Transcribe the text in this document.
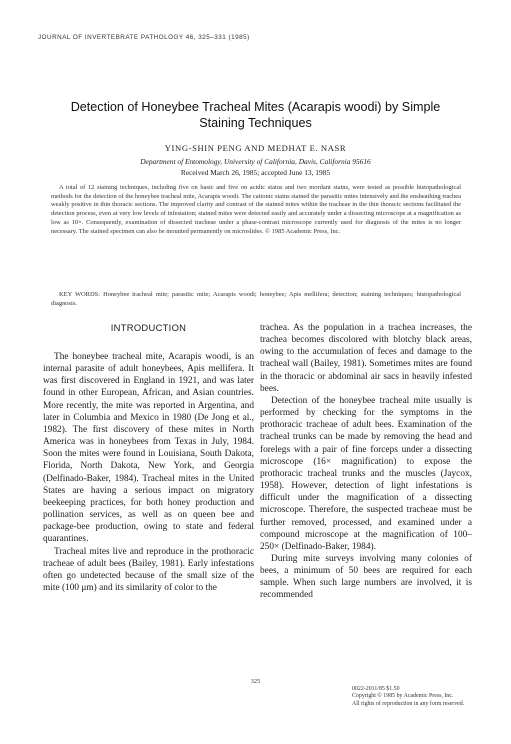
JOURNAL OF INVERTEBRATE PATHOLOGY 46, 325–331 (1985)
Detection of Honeybee Tracheal Mites (Acarapis woodi) by Simple
Staining Techniques
YING-SHIN PENG AND MEDHAT E. NASR
Department of Entomology, University of California, Davis, California 95616
Received March 26, 1985; accepted June 13, 1985

A total of 12 staining techniques, including five on basic and five on acidic stains and two mordant stains, were tested as possible histopathological methods for the detection of the honeybee tracheal mite, Acarapis woodi. The cationic stains stained the parasitic mites intensively and the ensheathing trachea weakly positive in thin thoracic sections. The improved clarity and contrast of the stained mites within the tracheae in the thin thoracic sections facilitated the detection process, even at very low levels of infestation; stained mites were detected easily and accurately under a dissecting microscope at a magnification as low as 10×. Consequently, examination of dissected tracheae under a phase-contrast microscope currently used for diagnosis of the mites is no longer necessary. The stained specimen can also be mounted permanently on microslides. © 1985 Academic Press, Inc.

KEY WORDS: Honeybee tracheal mite; parasitic mite; Acarapis woodi; honeybee; Apis mellifera; detection; staining techniques; histopathological diagnosis.
INTRODUCTION

The honeybee tracheal mite, Acarapis woodi, is an internal parasite of adult honeybees, Apis mellifera. It was first discovered in England in 1921, and was later found in other European, African, and Asian countries. More recently, the mite was reported in Argentina, and later in Columbia and Mexico in 1980 (De Jong et al., 1982). The first discovery of these mites in North America was in honeybees from Texas in July, 1984. Soon the mites were found in Louisiana, South Dakota, Florida, North Dakota, New York, and Georgia (Delfinado-Baker, 1984). Tracheal mites in the United States are having a serious impact on migratory beekeeping practices, for both honey production and pollination services, as well as on queen bee and package-bee production, owing to state and federal quarantines.

Tracheal mites live and reproduce in the prothoracic tracheae of adult bees (Bailey, 1981). Early infestations often go undetected because of the small size of the mite (100 μm) and its similarity of color to the

trachea. As the population in a trachea increases, the trachea becomes discolored with blotchy black areas, owing to the accumulation of feces and damage to the tracheal wall (Bailey, 1981). Sometimes mites are found in the thoracic or abdominal air sacs in heavily infested bees.

Detection of the honeybee tracheal mite usually is performed by checking for the symptoms in the prothoracic tracheae of adult bees. Examination of the tracheal trunks can be made by removing the head and forelegs with a pair of fine forceps under a dissecting microscope (16× magnification) to expose the prothoracic tracheal trunks and the muscles (Jaycox, 1958). However, detection of light infestations is difficult under the magnification of a dissecting microscope. Therefore, the suspected tracheae must be further removed, processed, and examined under a compound microscope at the magnification of 100–250× (Delfinado-Baker, 1984).

During mite surveys involving many colonies of bees, a minimum of 50 bees are required for each sample. When such large numbers are involved, it is recommended

325
0022-2011/85 $1.50
Copyright © 1985 by Academic Press, Inc.
All rights of reproduction in any form reserved.
